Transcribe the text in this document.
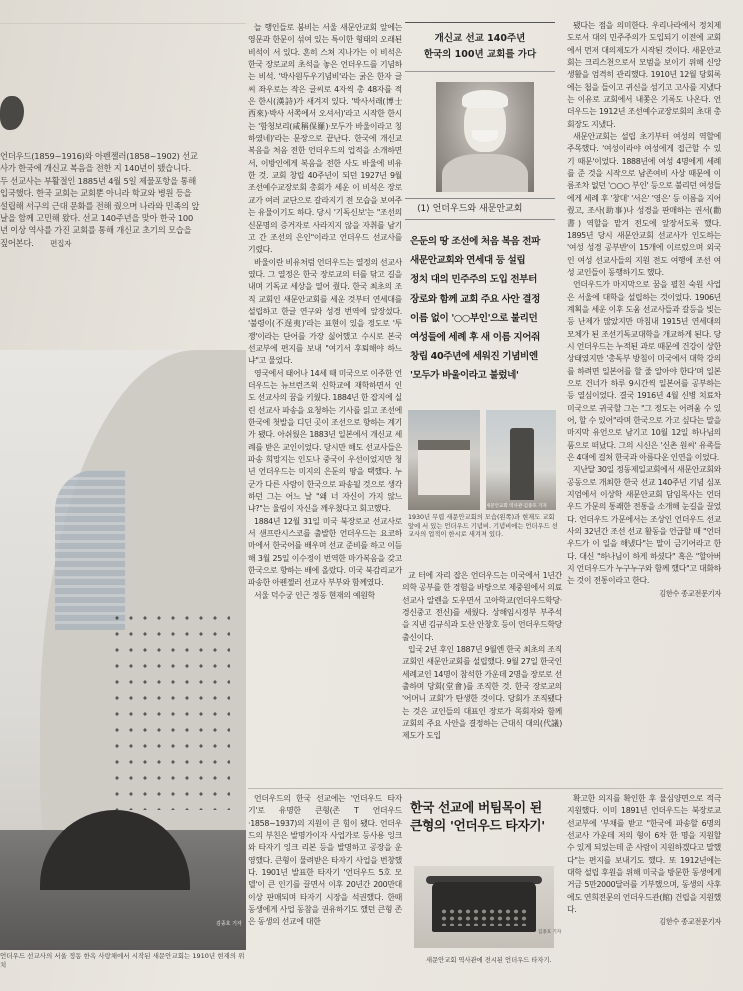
언더우드(1859~1916)와 아펜젤러(1858~1902) 선교사가 한국에 개신교 복음을 전한 지 140년이 됐습니다. 두 선교사는 부활절인 1885년 4월 5일 제물포항을 통해 입국했다. 한국 교회는 교회뿐 아니라 학교와 병원 등을 설립해 서구의 근대 문화를 전해 줬으며 나라와 민족의 앞날을 함께 고민해 왔다. 선교 140주년을 맞아 한국 100년 이상 역사를 가진 교회를 통해 개신교 초기의 모습을 짚어본다. 편집자
김종호 기자
언더우드 선교사의 서울 정동 한옥 사랑채에서 시작된 새문안교회는 1910년 현재의 위치

늘 행인들로 붐비는 서울 새문안교회 앞에는 영문과 한문이 섞여 있는 특이한 형태의 오래된 비석이 서 있다. 흔히 스쳐 지나가는 이 비석은 한국 장로교의 초석을 놓은 언더우드를 기념하는 비석. '박사원두우기념비'라는 굵은 한자 글씨 좌우로는 작은 글씨로 4자씩 총 48자를 적은 한시(漢詩)가 새겨져 있다. '박사서래(博士西來)·박사 서쪽에서 오셔서)'라고 시작한 한시는 '함청보리(咸稱保羅)·모두가 바울이라고 칭하였네)'라는 문장으로 끝난다. 한국에 개신교 복음을 처음 전한 언더우드의 업적을 소개하면서, 이방인에게 복음을 전한 사도 바울에 비유한 것. 교회 창립 40주년이 되던 1927년 9월 조선예수교장로회 총회가 세운 이 비석은 장로교가 여러 교단으로 갈라지기 전 모습을 보여주는 유물이기도 하다. 당시 '기독신보'는 "조선의 신문명의 증거자로 사라지지 않을 자취를 남기고 간 조선의 은인"이라고 언더우드 선교사를 기렸다.

바울이란 비유처럼 언더우드는 열정의 선교사였다. 그 열정은 한국 장로교의 터를 닦고 길을 내며 기독교 세상을 열어 줬다. 한국 최초의 조직 교회인 새문안교회를 세운 것부터 연세대를 설립하고 한글 연구와 성경 번역에 앞장섰다. '불령이(不逞夷)'라는 표현이 있을 정도로 '투쟁'이라는 단어를 가장 싫어했고 수시로 본국 선교부에 편지를 보내 "여기서 후퇴해야 하느냐"고 물었다.

영국에서 태어나 14세 때 미국으로 이주한 언더우드는 뉴브런즈윅 신학교에 재학하면서 인도 선교사의 꿈을 키웠다. 1884년 한 잡지에 실린 선교사 파송을 요청하는 기사를 읽고 조선에 한국에 첫발을 디딘 곳이 조선으로 향하는 계기가 됐다. 아쉬웠은 1883년 일본에서 개신교 세례를 받은 교인이었다. 당시만 해도 선교사들은 파송 희망지는 인도나 중국이 우선이었지만 청년 언더우드는 미지의 은둔의 땅을 택했다. 누군가 다른 사람이 한국으로 파송될 것으로 생각하던 그는 어느 날 "왜 너 자신이 가지 않느냐?"는 울림이 자신을 깨우쳤다고 회고했다.

1884년 12월 31일 미국 북장로교 선교사로서 샌프란시스코를 출발한 언더우드는 요코하마에서 한국어를 배우며 선교 준비를 하고 이듬해 3월 25일 이수정이 번역한 마가복음을 갖고 한국으로 향하는 배에 올랐다. 미국 북감리교가 파송한 아펜젤러 선교사 부부와 함께였다.

서울 덕수궁 인근 정동 현재의 예원학

개신교 선교 140주년
한국의 100년 교회를 가다
⟨1⟩ 언더우드와 새문안교회
은둔의 땅 조선에 처음 복음 전파
새문안교회와 연세대 등 설립
정치 대의 민주주의 도입 전부터
장로와 함께 교회 주요 사안 결정
이름 없이 '○○부인'으로 불리던
여성들에 세례 후 새 이름 지어줘
창립 40주년에 세워진 기념비엔
'모두가 바울이라고 불렀네'
새문안교회 역사관·김종호 기자
1930년 무렵 새문안교회의 모습(왼쪽)과 현재도 교회 앞에 서 있는 언더우드 기념비. 기념비에는 언더우드 선교사의 업적이 한시로 새겨져 있다.

교 터에 자리 잡은 언더우드는 미국에서 1년간 의학 공부를 한 경험을 바탕으로 제중원에서 의료 선교사 알렌을 도우면서 고아학교(언더우드학당·경신중고 전신)를 세웠다. 상해임시정부 부주석을 지낸 김규식과 도산 안창호 등이 언더우드학당 출신이다.

입국 2년 후인 1887년 9월엔 한국 최초의 조직 교회인 새문안교회를 설립했다. 9월 27일 한국인 세례교인 14명이 참석한 가운데 2명을 장로로 선출하며 당회(堂會)를 조직한 것. 한국 장로교의 '어머니 교회'가 탄생한 것이다. 당회가 조직됐다는 것은 교인들의 대표인 장로가 목회자와 함께 교회의 주요 사안을 결정하는 근대식 대의(代議)제도가 도입

됐다는 점을 의미한다. 우리나라에서 정치제도로서 대의 민주주의가 도입되기 이전에 교회에서 먼저 대의제도가 시작된 것이다. 새문안교회는 크리스천으로서 모범을 보이기 위해 신앙생활을 엄격히 관리했다. 1910년 12월 당회록에는 첩을 들이고 귀신을 섬기고 고사를 지냈다는 이유로 교회에서 내쫓은 기록도 나온다. 언더우드는 1912년 조선예수교장로회의 초대 총회장도 지냈다.

새문안교회는 설립 초기부터 여성의 역할에 주목했다. '여성이라야 여성에게 접근할 수 있기 때문'이었다. 1888년에 여성 4명에게 세례를 준 것을 시작으로 남존여비 사상 때문에 이름조차 없던 '○○○ 부인' 등으로 불리던 여성들에게 세례 후 '창대' '서은' '영은' 등 이름을 지어줬고, 조사(助事)나 성경을 판매하는 권서(勸書) 역할을 맡겨 전도에 앞장서도록 했다. 1895년 당시 새문안교회 선교사가 인도하는 '여성 성경 공부반'이 15개에 이르렀으며 외국인 여성 선교사들의 지원 전도 여행에 조선 여성 교인들이 동행하기도 했다.

언더우드가 마지막으로 꿈을 펼친 숙원 사업은 서울에 대학을 설립하는 것이었다. 1906년 계획을 세운 이후 도움 선교사들과 갈등을 빚는 등 난제가 많았지만 마침내 1915년 연세대의 모체가 된 조선기독교대학을 개교하게 된다. 당시 언더우드는 누적된 과로 때문에 건강이 상한 상태였지만 '총독부 방침이 미국에서 대학 강의를 하려면 일본어를 할 줄 알아야 한다'며 일본으로 건너가 하루 9시간씩 일본어를 공부하는 등 열심이었다. 결국 1916년 4월 신병 치료차 미국으로 귀국할 그는 "그 정도는 어려움 수 있어, 할 수 있어"라며 한국으로 가고 싶다는 말을 마지막 유언으로 남기고 10월 12일 하나님의 품으로 떠났다. 그의 시신은 '신촌 원씨' 유족들은 4대에 걸쳐 한국과 아름다운 인연을 이었다.

지난달 30일 정동제일교회에서 새문안교회와 공동으로 개최한 한국 선교 140주년 기념 심포지엄에서 이상학 새문안교회 담임목사는 언더우드 가문의 통쾌한 전통을 소개해 눈길을 끌었다. 언더우드 가문에서는 조상인 언더우드 선교사의 32년간 조선 선교 활동을 언급할 때 "언더우드가 이 일을 해냈다"는 말이 금기어라고 한다. 대신 "하나님이 하게 하셨다" 혹은 "할아버지 언더우드가 누구누구와 함께 했다"고 대화하는 것이 전통이라고 한다.

김한수 종교전문기자

언더우드의 한국 선교에는 '언더우드 타자기'로 유명한 큰형(존 T 언더우드·1858~1937)의 지원이 큰 힘이 됐다. 언더우드의 부친은 발명가이자 사업가로 등사용 잉크와 타자기 잉크 리본 등을 발명하고 공장을 운영했다. 큰형이 물려받은 타자기 사업을 번창했다. 1901년 발표한 타자기 '언더우드 5호 모델'이 큰 인기를 끌면서 이후 20년간 200만대 이상 판매되며 타자기 시장을 석권했다. 한때 동생에게 사업 동참을 권유하기도 했던 큰형 존은 동생의 선교에 대한

한국 선교에 버팀목이 된
큰형의 '언더우드 타자기'
김종호 기자
새문안교회 역사관에 전시된 언더우드 타자기.

확고한 의지를 확인한 후 물심양면으로 적극 지원했다. 이미 1891년 언더우드는 북장로교 선교부에 '부채를 받고 "한국에 파송할 6명의 선교사 가운데 저의 형이 6차 한 명을 지원할 수 있게 되었는데 준 사람이 지원하겠다고 말했다"는 편지를 보내기도 했다. 또 1912년에는 대학 설립 후원을 위해 미국을 방문한 동생에게 거금 5만2000달러를 기부했으며, 동생의 사후에도 연희전문의 언더우드관(館) 건립을 지원했다.

김한수 종교전문기자
